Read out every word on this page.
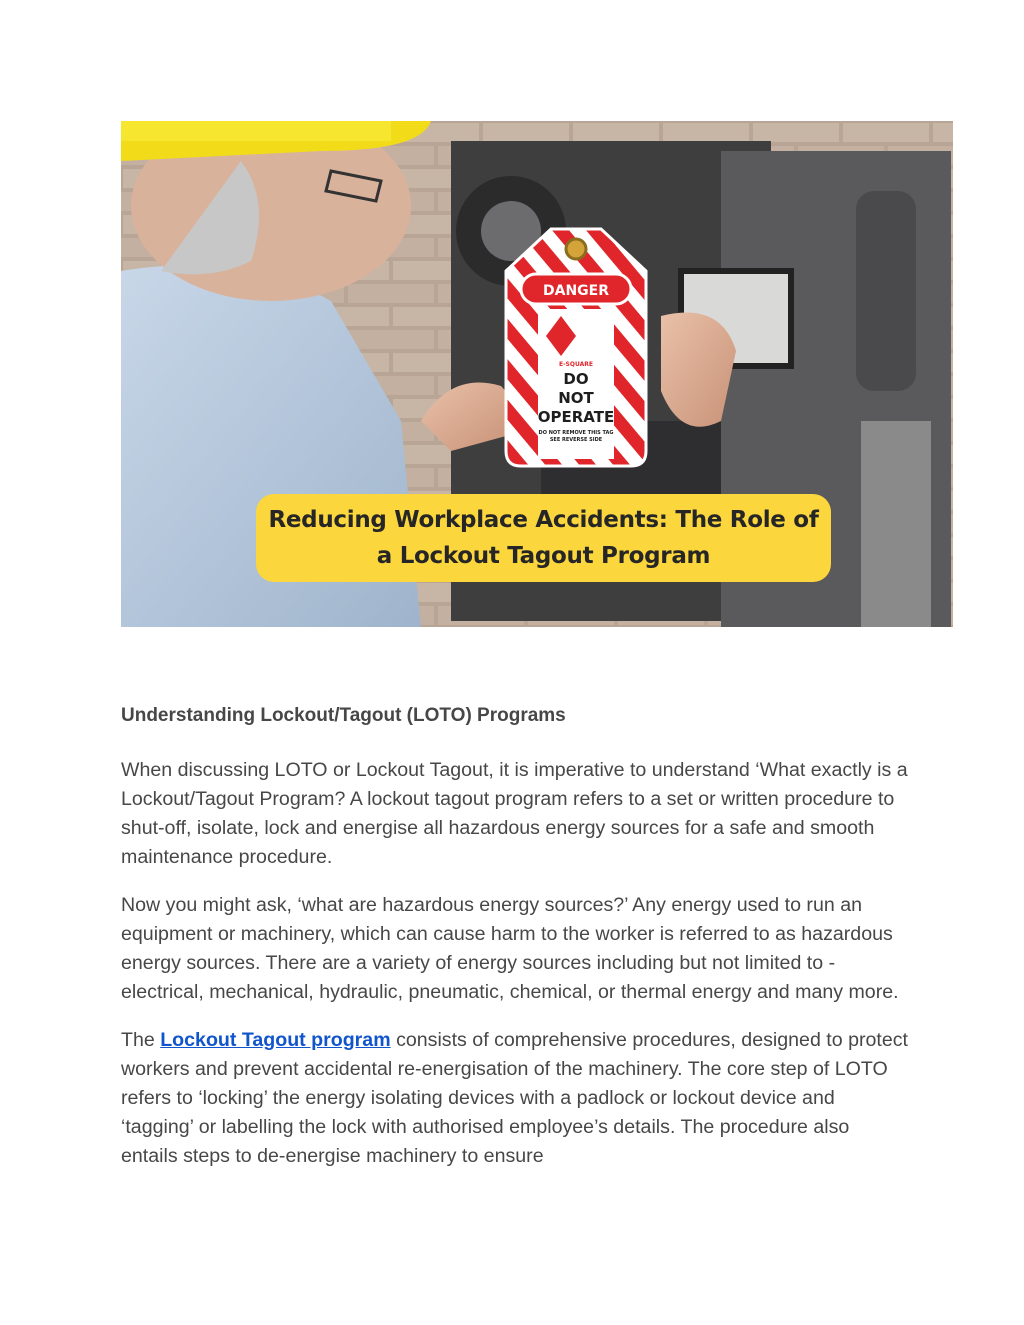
DANGER
E-SQUARE
DO
NOT
OPERATE
DO NOT REMOVE THIS TAG
SEE REVERSE SIDE
E-SQUARE Alliance (P) Ltd., Delhi
Reducing Workplace Accidents: The Role of
a Lockout Tagout Program
Understanding Lockout/Tagout (LOTO) Programs

When discussing LOTO or Lockout Tagout, it is imperative to understand ‘What exactly is a Lockout/Tagout Program? A lockout tagout program refers to a set or written procedure to shut-off, isolate, lock and energise all hazardous energy sources for a safe and smooth maintenance procedure.

Now you might ask, ‘what are hazardous energy sources?’ Any energy used to run an equipment or machinery, which can cause harm to the worker is referred to as hazardous energy sources. There are a variety of energy sources including but not limited to - electrical, mechanical, hydraulic, pneumatic, chemical, or thermal energy and many more.

The Lockout Tagout program consists of comprehensive procedures, designed to protect workers and prevent accidental re-energisation of the machinery. The core step of LOTO refers to ‘locking’ the energy isolating devices with a padlock or lockout device and ‘tagging’ or labelling the lock with authorised employee’s details. The procedure also entails steps to de-energise machinery to ensure
